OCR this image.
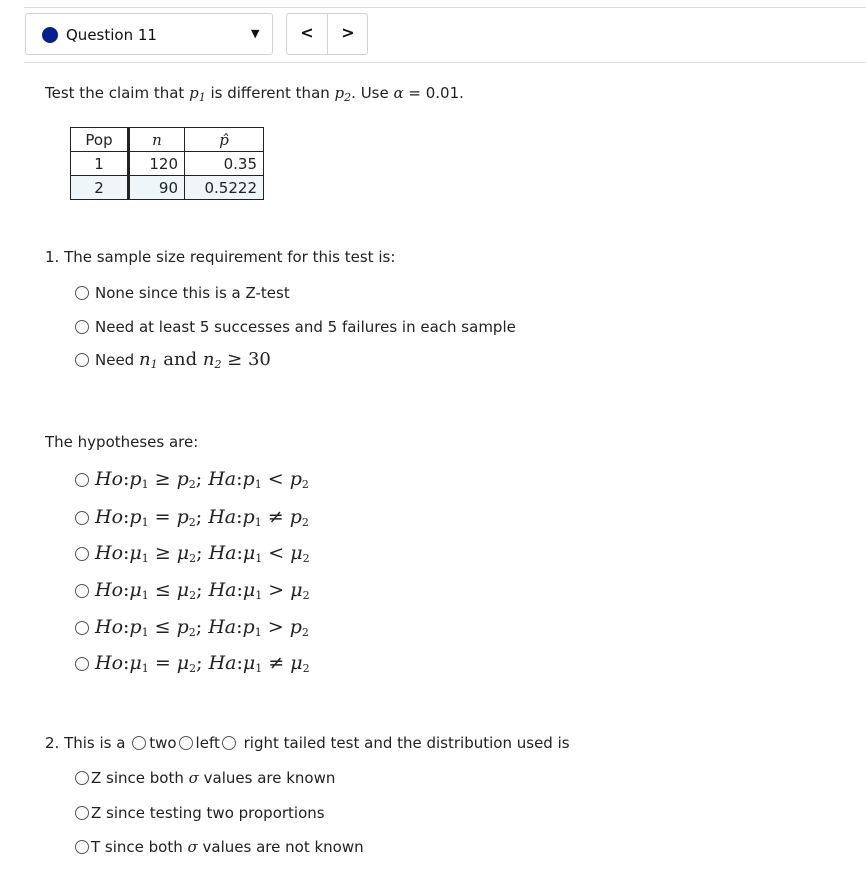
Question 11	▼	<	>
Test the claim that $p_1$ is different than $p_2$. Use α = 0.01.
Pop	n	p̂
1	120	0.35
2	90	0.5222
1. The sample size requirement for this test is:
None since this is a Z-test
Need at least 5 successes and 5 failures in each sample
Need $n_1$ and $n_2 \ge 30$
The hypotheses are:
$Ho:p_1 \ge p_2$; $Ha:p_1 < p_2$
$Ho:p_1 = p_2$; $Ha:p_1 \ne p_2$
$Ho:\mu_1 \ge \mu_2$; $Ha:\mu_1 < \mu_2$
$Ho:\mu_1 \le \mu_2$; $Ha:\mu_1 > \mu_2$
$Ho:p_1 \le p_2$; $Ha:p_1 > p_2$
$Ho:\mu_1 = \mu_2$; $Ha:\mu_1 \ne \mu_2$
2. This is a two left right tailed test and the distribution used is
Z since both σ values are known
Z since testing two proportions
T since both σ values are not known
